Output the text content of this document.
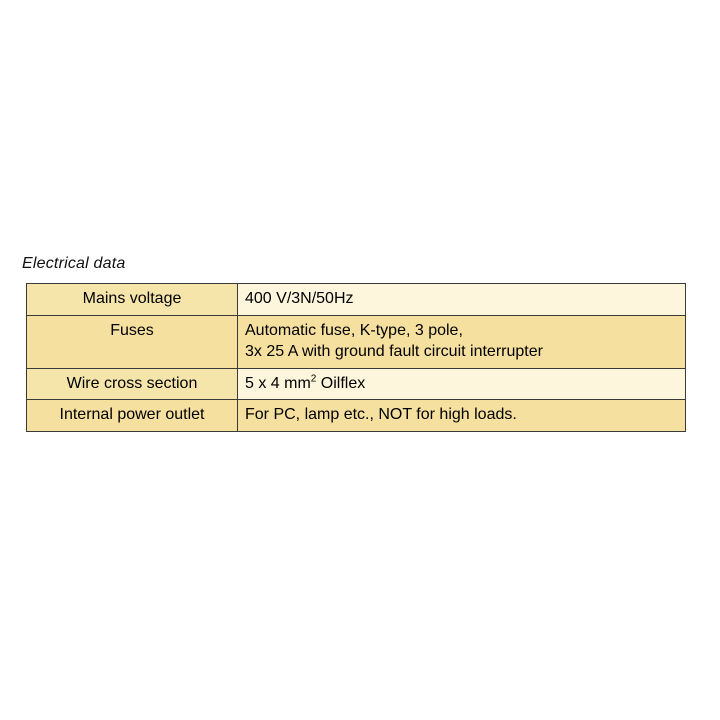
Electrical data
Mains voltage	400 V/3N/50Hz

Fuses	Automatic fuse, K-type, 3 pole,
3x 25 A with ground fault circuit interrupter

Wire cross section	5 x 4 $mm^2$ Oilflex

Internal power outlet	For PC, lamp etc., NOT for high loads.
